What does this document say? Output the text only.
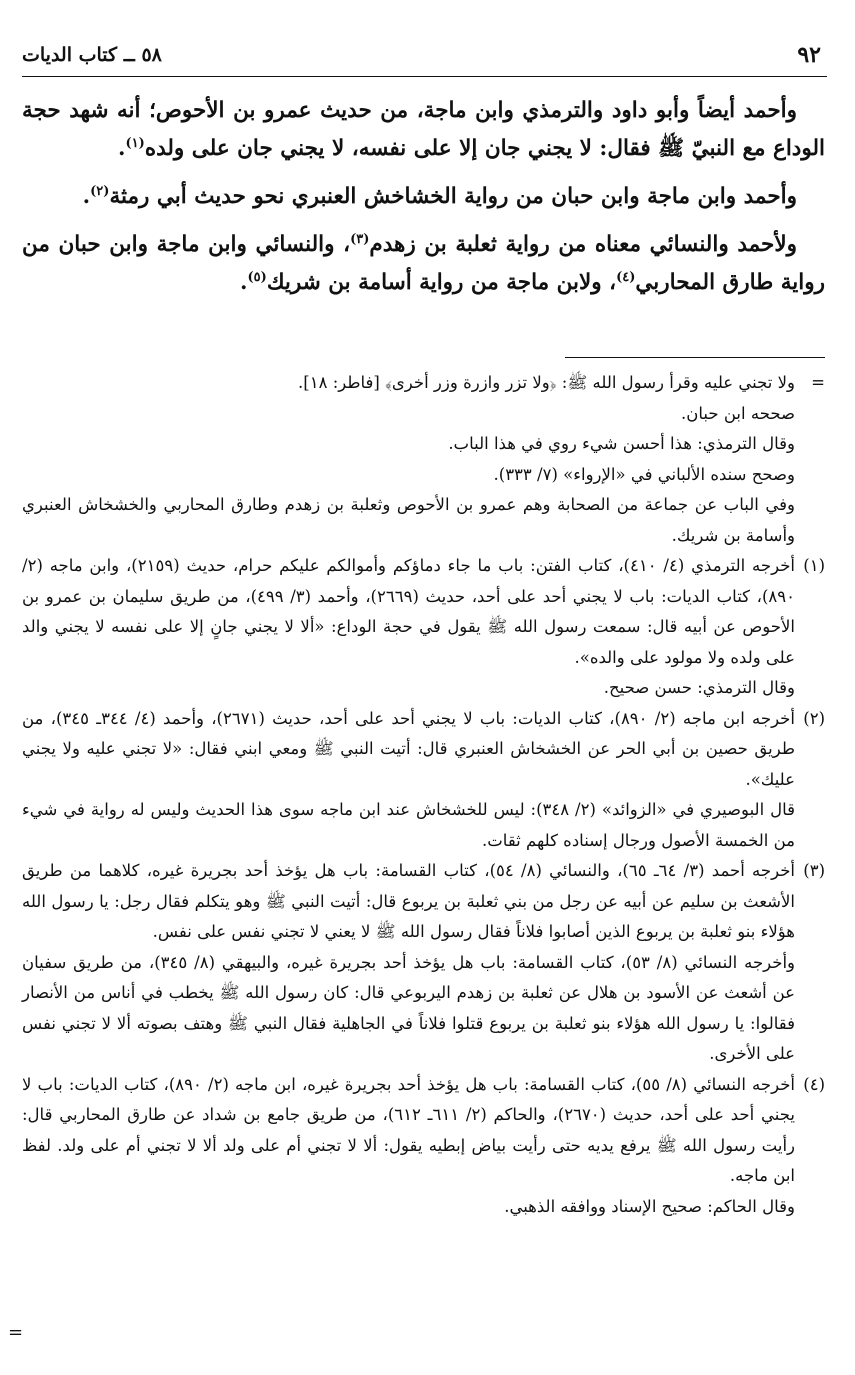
٩٢
٥٨ ــ كتاب الديات

وأحمد أيضاً وأبو داود والترمذي وابن ماجة، من حديث عمرو بن الأحوص؛ أنه شهد حجة الوداع مع النبيّ ﷺ فقال: لا يجني جان إلا على نفسه، لا يجني جان على ولده$^{(١)}$.

وأحمد وابن ماجة وابن حبان من رواية الخشاخش العنبري نحو حديث أبي رمثة$^{(٢)}$.

ولأحمد والنسائي معناه من رواية ثعلبة بن زهدم$^{(٣)}$، والنسائي وابن ماجة وابن حبان من رواية طارق المحاربي$^{(٤)}$، ولابن ماجة من رواية أسامة بن شريك$^{(٥)}$.

=

ولا تجني عليه وقرأ رسول الله ﷺ: ﴿ولا تزر وازرة وزر أخرى﴾ [فاطر: ١٨].

صححه ابن حبان.

وقال الترمذي: هذا أحسن شيء روي في هذا الباب.

وصحح سنده الألباني في «الإرواء» (٧/ ٣٣٣).

وفي الباب عن جماعة من الصحابة وهم عمرو بن الأحوص وثعلبة بن زهدم وطارق المحاربي والخشخاش العنبري وأسامة بن شريك.

(١)

أخرجه الترمذي (٤/ ٤١٠)، كتاب الفتن: باب ما جاء دماؤكم وأموالكم عليكم حرام، حديث (٢١٥٩)، وابن ماجه (٢/ ٨٩٠)، كتاب الديات: باب لا يجني أحد على أحد، حديث (٢٦٦٩)، وأحمد (٣/ ٤٩٩)، من طريق سليمان بن عمرو بن الأحوص عن أبيه قال: سمعت رسول الله ﷺ يقول في حجة الوداع: «ألا لا يجني جانٍ إلا على نفسه لا يجني والد على ولده ولا مولود على والده».

وقال الترمذي: حسن صحيح.

(٢)

أخرجه ابن ماجه (٢/ ٨٩٠)، كتاب الديات: باب لا يجني أحد على أحد، حديث (٢٦٧١)، وأحمد (٤/ ٣٤٤ـ ٣٤٥)، من طريق حصين بن أبي الحر عن الخشخاش العنبري قال: أتيت النبي ﷺ ومعي ابني فقال: «لا تجني عليه ولا يجني عليك».

قال البوصيري في «الزوائد» (٢/ ٣٤٨): ليس للخشخاش عند ابن ماجه سوى هذا الحديث وليس له رواية في شيء من الخمسة الأصول ورجال إسناده كلهم ثقات.

(٣)

أخرجه أحمد (٣/ ٦٤ـ ٦٥)، والنسائي (٨/ ٥٤)، كتاب القسامة: باب هل يؤخذ أحد بجريرة غيره، كلاهما من طريق الأشعث بن سليم عن أبيه عن رجل من بني ثعلبة بن يربوع قال: أتيت النبي ﷺ وهو يتكلم فقال رجل: يا رسول الله هؤلاء بنو ثعلبة بن يربوع الذين أصابوا فلاناً فقال رسول الله ﷺ لا يعني لا تجني نفس على نفس.

وأخرجه النسائي (٨/ ٥٣)، كتاب القسامة: باب هل يؤخذ أحد بجريرة غيره، والبيهقي (٨/ ٣٤٥)، من طريق سفيان عن أشعث عن الأسود بن هلال عن ثعلبة بن زهدم اليربوعي قال: كان رسول الله ﷺ يخطب في أناس من الأنصار فقالوا: يا رسول الله هؤلاء بنو ثعلبة بن يربوع قتلوا فلاناً في الجاهلية فقال النبي ﷺ وهتف بصوته ألا لا تجني نفس على الأخرى.

(٤)

أخرجه النسائي (٨/ ٥٥)، كتاب القسامة: باب هل يؤخذ أحد بجريرة غيره، ابن ماجه (٢/ ٨٩٠)، كتاب الديات: باب لا يجني أحد على أحد، حديث (٢٦٧٠)، والحاكم (٢/ ٦١١ـ ٦١٢)، من طريق جامع بن شداد عن طارق المحاربي قال: رأيت رسول الله ﷺ يرفع يديه حتى رأيت بياض إبطيه يقول: ألا لا تجني أم على ولد ألا لا تجني أم على ولد. لفظ ابن ماجه.

وقال الحاكم: صحيح الإسناد ووافقه الذهبي.

=
